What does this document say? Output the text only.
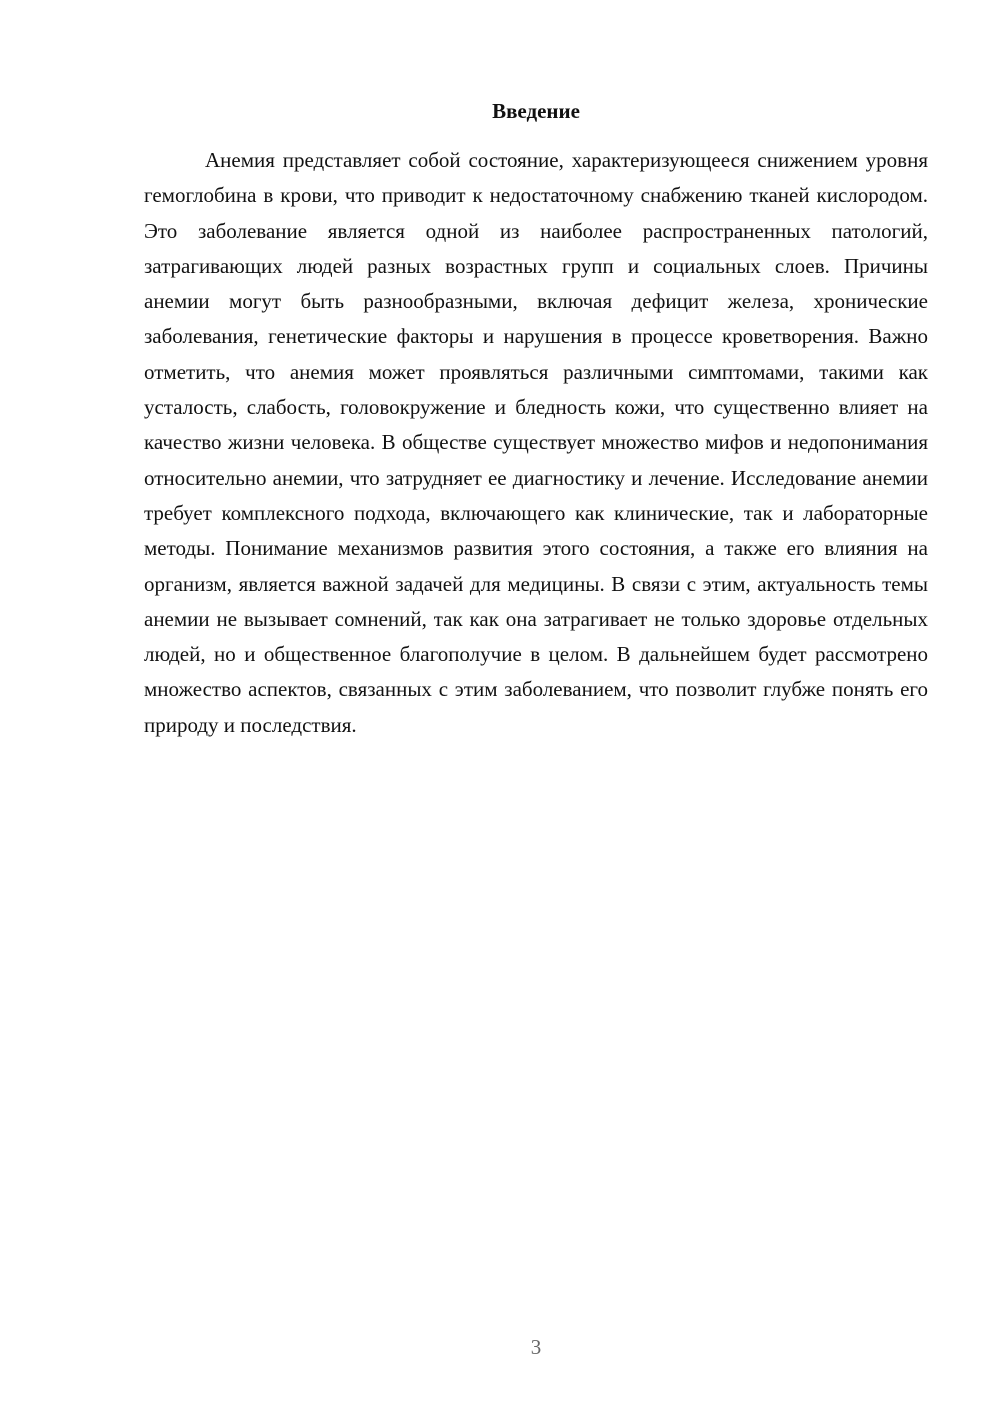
Введение

Анемия представляет собой состояние, характеризующееся снижением уровня гемоглобина в крови, что приводит к недостаточному снабжению тканей кислородом. Это заболевание является одной из наиболее распространенных патологий, затрагивающих людей разных возрастных групп и социальных слоев. Причины анемии могут быть разнообразными, включая дефицит железа, хронические заболевания, генетические факторы и нарушения в процессе кроветворения. Важно отметить, что анемия может проявляться различными симптомами, такими как усталость, слабость, головокружение и бледность кожи, что существенно влияет на качество жизни человека. В обществе существует множество мифов и недопонимания относительно анемии, что затрудняет ее диагностику и лечение. Исследование анемии требует комплексного подхода, включающего как клинические, так и лабораторные методы. Понимание механизмов развития этого состояния, а также его влияния на организм, является важной задачей для медицины. В связи с этим, актуальность темы анемии не вызывает сомнений, так как она затрагивает не только здоровье отдельных людей, но и общественное благополучие в целом. В дальнейшем будет рассмотрено множество аспектов, связанных с этим заболеванием, что позволит глубже понять его природу и последствия.

3
